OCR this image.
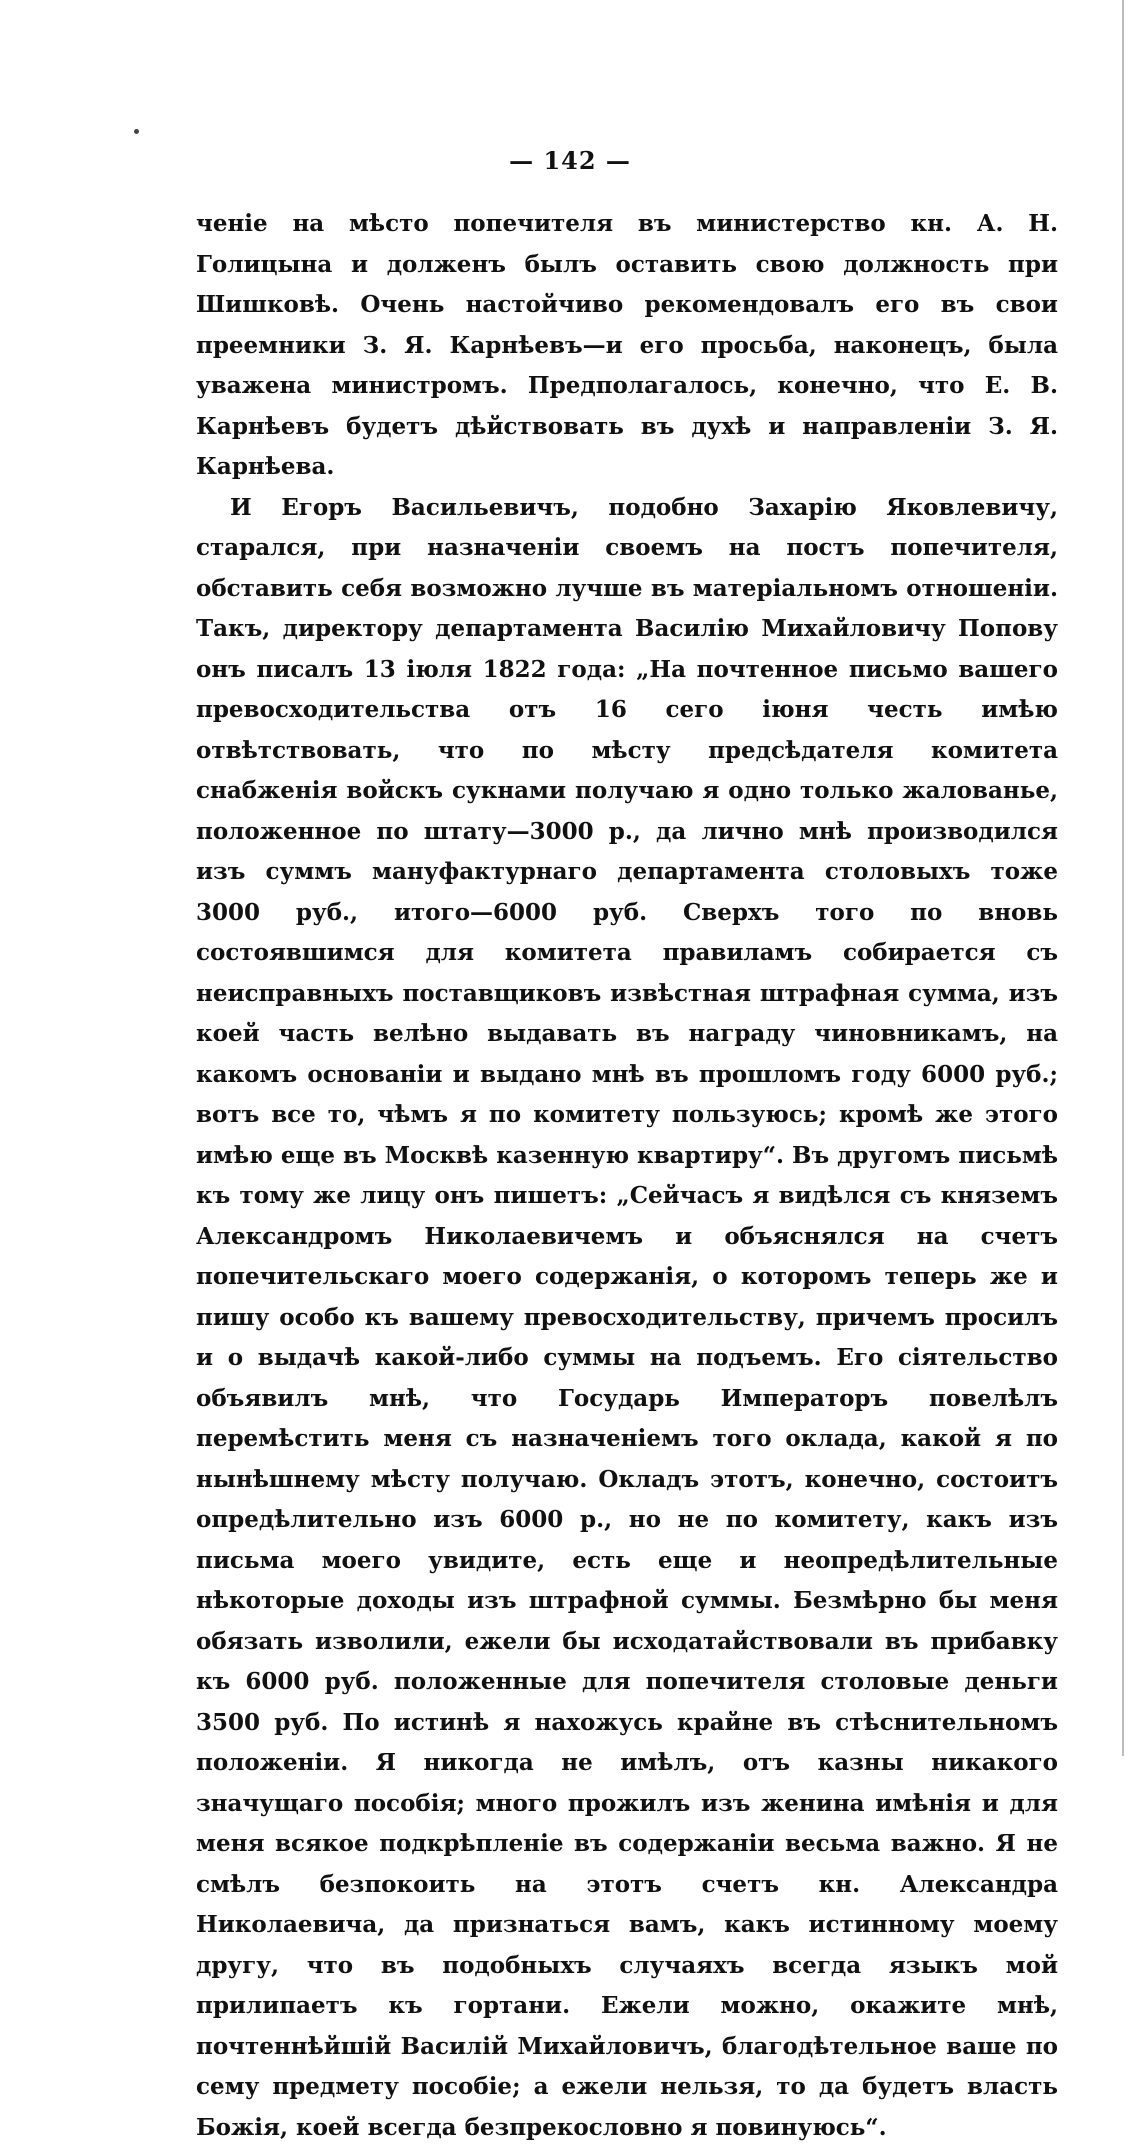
— 142 —

ченіе на мѣсто попечителя въ министерство кн. А. Н. Голицына и долженъ былъ оставить свою должность при Шишковѣ. Очень настойчиво рекомендовалъ его въ свои преемники З. Я. Карнѣевъ—и его просьба, наконецъ, была уважена министромъ. Предполагалось, конечно, что Е. В. Карнѣевъ будетъ дѣйствовать въ духѣ и направленіи З. Я. Карнѣева.

И Егоръ Васильевичъ, подобно Захарію Яковлевичу, старался, при назначеніи своемъ на постъ попечителя, обставить себя возможно лучше въ матеріальномъ отношеніи. Такъ, директору департамента Василію Михайловичу Попову онъ писалъ 13 іюля 1822 года: „На почтенное письмо вашего превосходительства отъ 16 сего іюня честь имѣю отвѣтствовать, что по мѣсту предсѣдателя комитета снабженія войскъ сукнами получаю я одно только жалованье, положенное по штату—3000 р., да лично мнѣ производился изъ суммъ мануфактурнаго департамента столовыхъ тоже 3000 руб., итого—6000 руб. Сверхъ того по вновь состоявшимся для комитета правиламъ собирается съ неисправныхъ поставщиковъ извѣстная штрафная сумма, изъ коей часть велѣно выдавать въ награду чиновникамъ, на какомъ основаніи и выдано мнѣ въ прошломъ году 6000 руб.; вотъ все то, чѣмъ я по комитету пользуюсь; кромѣ же этого имѣю еще въ Москвѣ казенную квартиру“. Въ другомъ письмѣ къ тому же лицу онъ пишетъ: „Сейчасъ я видѣлся съ княземъ Александромъ Николаевичемъ и объяснялся на счетъ попечительскаго моего содержанія, о которомъ теперь же и пишу особо къ вашему превосходительству, причемъ просилъ и о выдачѣ какой-либо суммы на подъемъ. Его сіятельство объявилъ мнѣ, что Государь Императоръ повелѣлъ перемѣстить меня съ назначеніемъ того оклада, какой я по нынѣшнему мѣсту получаю. Окладъ этотъ, конечно, состоитъ опредѣлительно изъ 6000 р., но не по комитету, какъ изъ письма моего увидите, есть еще и неопредѣлительные нѣкоторые доходы изъ штрафной суммы. Безмѣрно бы меня обязать изволили, ежели бы исходатайствовали въ прибавку къ 6000 руб. положенные для попечителя столовые деньги 3500 руб. По истинѣ я нахожусь крайне въ стѣснительномъ положеніи. Я никогда не имѣлъ, отъ казны никакого значущаго пособія; много прожилъ изъ женина имѣнія и для меня всякое подкрѣпленіе въ содержаніи весьма важно. Я не смѣлъ безпокоить на этотъ счетъ кн. Александра Николаевича, да признаться вамъ, какъ истинному моему другу, что въ подобныхъ случаяхъ всегда языкъ мой прилипаетъ къ гортани. Ежели можно, окажите мнѣ, почтеннѣйшій Василій Михайловичъ, благодѣтельное ваше по сему предмету пособіе; а ежели нельзя, то да будетъ власть Божія, коей всегда безпрекословно я повинуюсь“.
